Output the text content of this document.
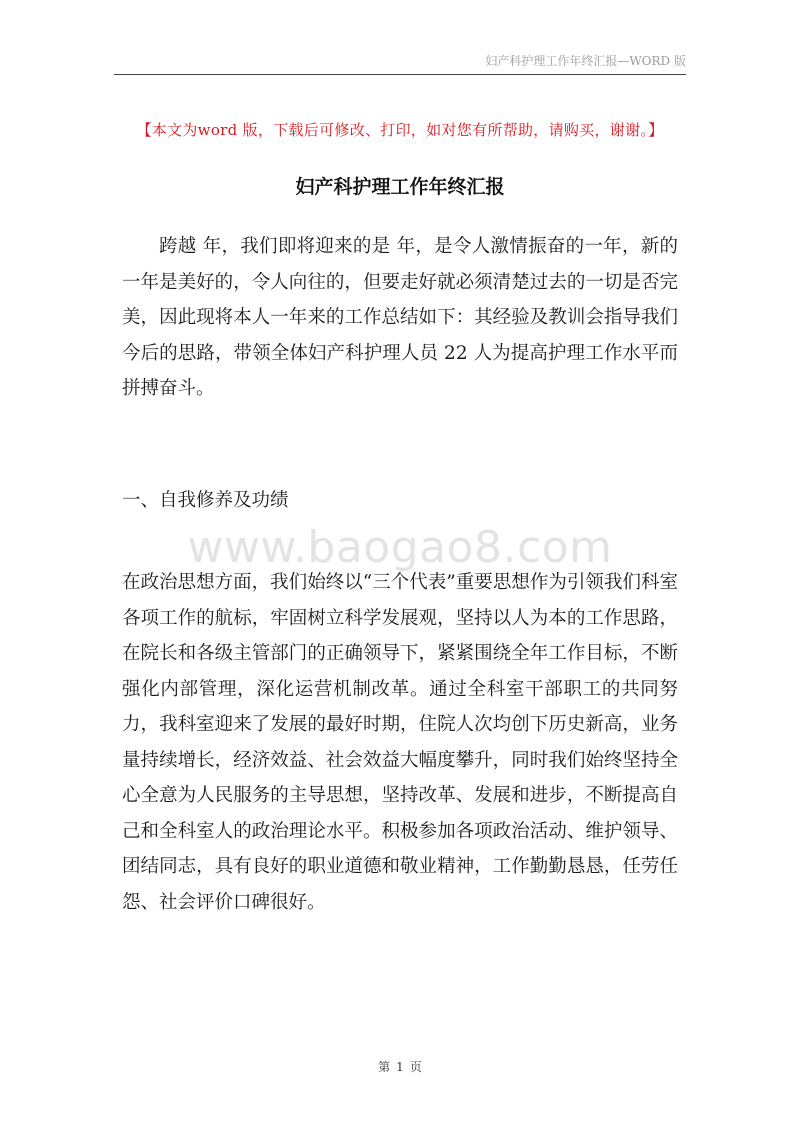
妇产科护理工作年终汇报—WORD 版
【本文为word 版，下载后可修改、打印，如对您有所帮助，请购买，谢谢。】
妇产科护理工作年终汇报

跨越 年，我们即将迎来的是 年，是令人激情振奋的一年，新的一年是美好的，令人向往的，但要走好就必须清楚过去的一切是否完美，因此现将本人一年来的工作总结如下：其经验及教训会指导我们今后的思路，带领全体妇产科护理人员 22 人为提高护理工作水平而拼搏奋斗。

一、自我修养及功绩
www.baogao8.com

在政治思想方面，我们始终以“三个代表”重要思想作为引领我们科室各项工作的航标，牢固树立科学发展观，坚持以人为本的工作思路，在院长和各级主管部门的正确领导下，紧紧围绕全年工作目标，不断强化内部管理，深化运营机制改革。通过全科室干部职工的共同努力，我科室迎来了发展的最好时期，住院人次均创下历史新高，业务量持续增长，经济效益、社会效益大幅度攀升，同时我们始终坚持全心全意为人民服务的主导思想，坚持改革、发展和进步，不断提高自己和全科室人的政治理论水平。积极参加各项政治活动、维护领导、团结同志，具有良好的职业道德和敬业精神，工作勤勤恳恳，任劳任怨、社会评价口碑很好。

第 1 页
